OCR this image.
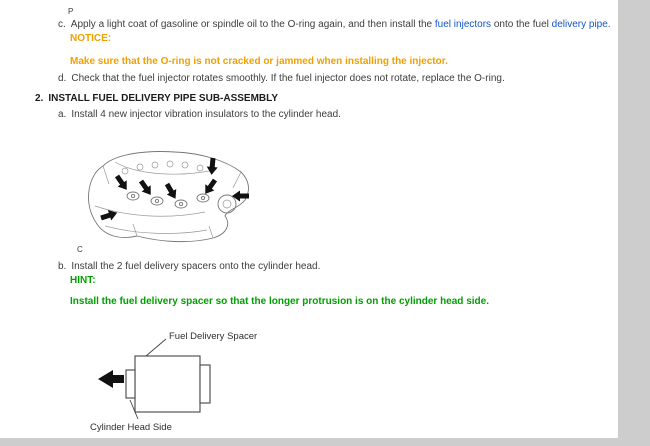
P
c. Apply a light coat of gasoline or spindle oil to the O-ring again, and then install the fuel injectors onto the fuel delivery pipe.
NOTICE:
Make sure that the O-ring is not cracked or jammed when installing the injector.
d. Check that the fuel injector rotates smoothly. If the fuel injector does not rotate, replace the O-ring.
2. INSTALL FUEL DELIVERY PIPE SUB-ASSEMBLY
a. Install 4 new injector vibration insulators to the cylinder head.
C
b. Install the 2 fuel delivery spacers onto the cylinder head.
HINT:
Install the fuel delivery spacer so that the longer protrusion is on the cylinder head side.
Fuel Delivery Spacer
Cylinder Head Side
